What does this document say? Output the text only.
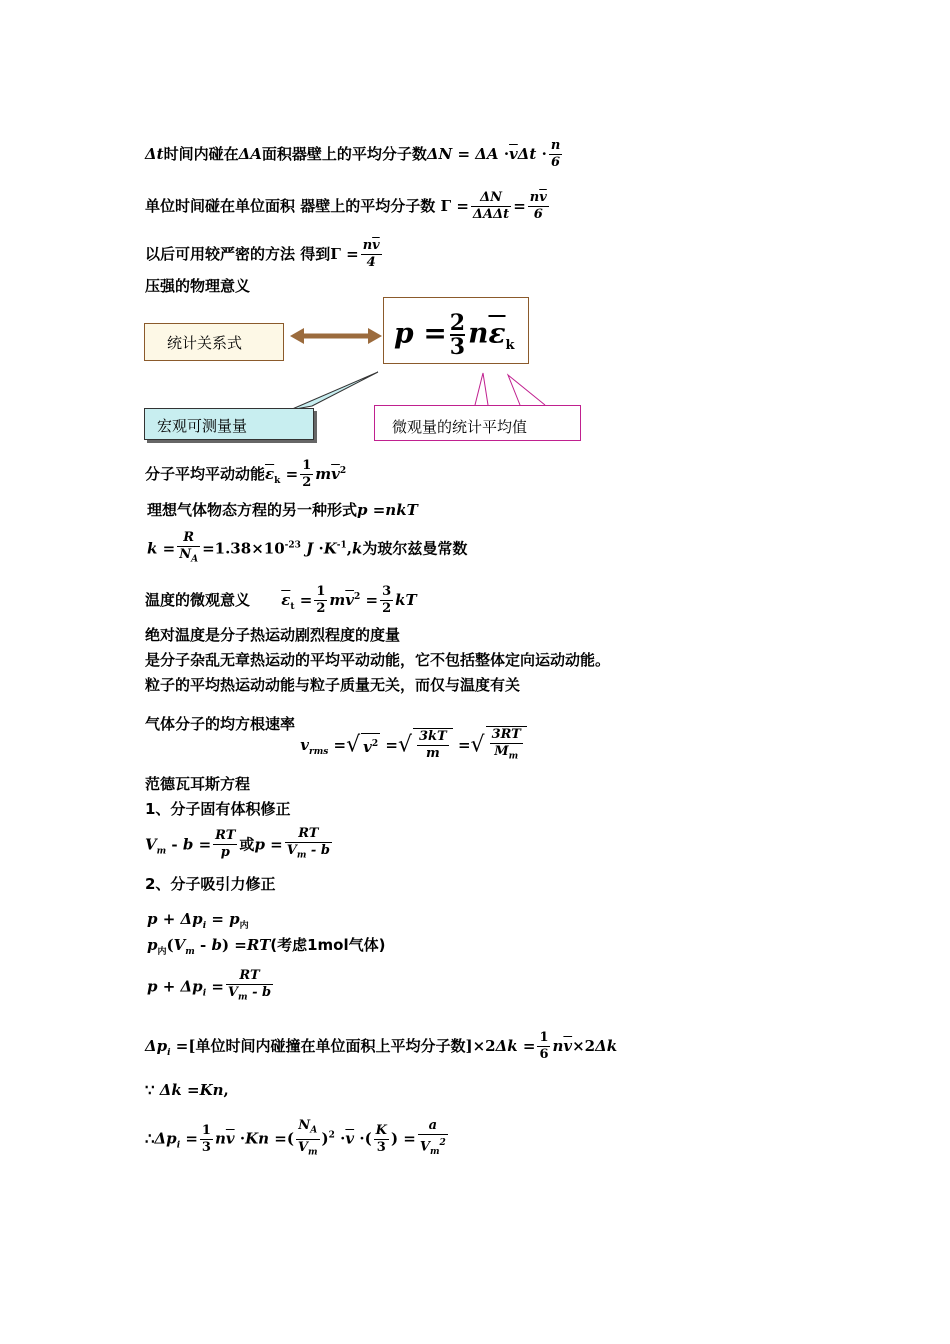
Δt时间内碰在ΔA面积器壁上的平均分子数$\Delta N = \Delta A \cdot\overline{v}\Delta t \cdot \frac{n}{6}$
单位时间碰在单位面积 器壁上的平均分子数 $\Gamma = \frac{\Delta N}{\text{ΔAΔt}} = \frac{n\overline{v}}{6}$
以后可用较严密的方法 得到$\Gamma = \frac{n\overline{v}}{4}$
压强的物理意义
统计关系式	$p = \frac{2}{3} n\overline{\varepsilon}_k$
宏观可测量量	微观量的统计平均值
分子平均平动动能$\overline{\varepsilon}_k = \frac{1}{2} m\overline{v}^2$
理想气体物态方程的另一种形式p =nkT
$k = \frac{R}{N_A} =1.38\times 10^{-23}$ $J \cdot K^{-1},k$为玻尔兹曼常数
温度的微观意义 $\overline{\varepsilon}_t = \frac{1}{2} m\overline{v}^2 = \frac{3}{2}$ kT
绝对温度是分子热运动剧烈程度的度量
是分子杂乱无章热运动的平均平动动能，它不包括整体定向运动动能。
粒子的平均热运动动能与粒子质量无关，而仅与温度有关
气体分子的均方根速率 $v_{rms}$ =√ $v^2$ =√ $\frac{3kT}{m}$ =√ $\frac{3RT}{M_m}$
范德瓦耳斯方程
1、分子固有体积修正
$V_m - b = \frac{RT}{p}$ 或$p = \frac{RT}{V_m - b}$
2、分子吸引力修正
$p + \Delta p_i = p_内$
$p_内(V_m - b) =RT$(考虑1mol气体)
$p + \Delta p_i = \frac{RT}{V_m - b}$
$\Delta p_i$ =[单位时间内碰撞在单位面积上平均分子数]$\times 2\Delta k = \frac{1}{6} n\overline{v}\times 2\Delta k$
∵ Δk =Kn,
$\therefore\Delta p_i = \frac{1}{3} n\overline{v} \cdot Kn$ =( $\frac{N_A}{V_m} )^2 \cdot\overline{v}$ ·( $\frac{K}{3}$ ) = $\frac{a}{V_m^2}$
